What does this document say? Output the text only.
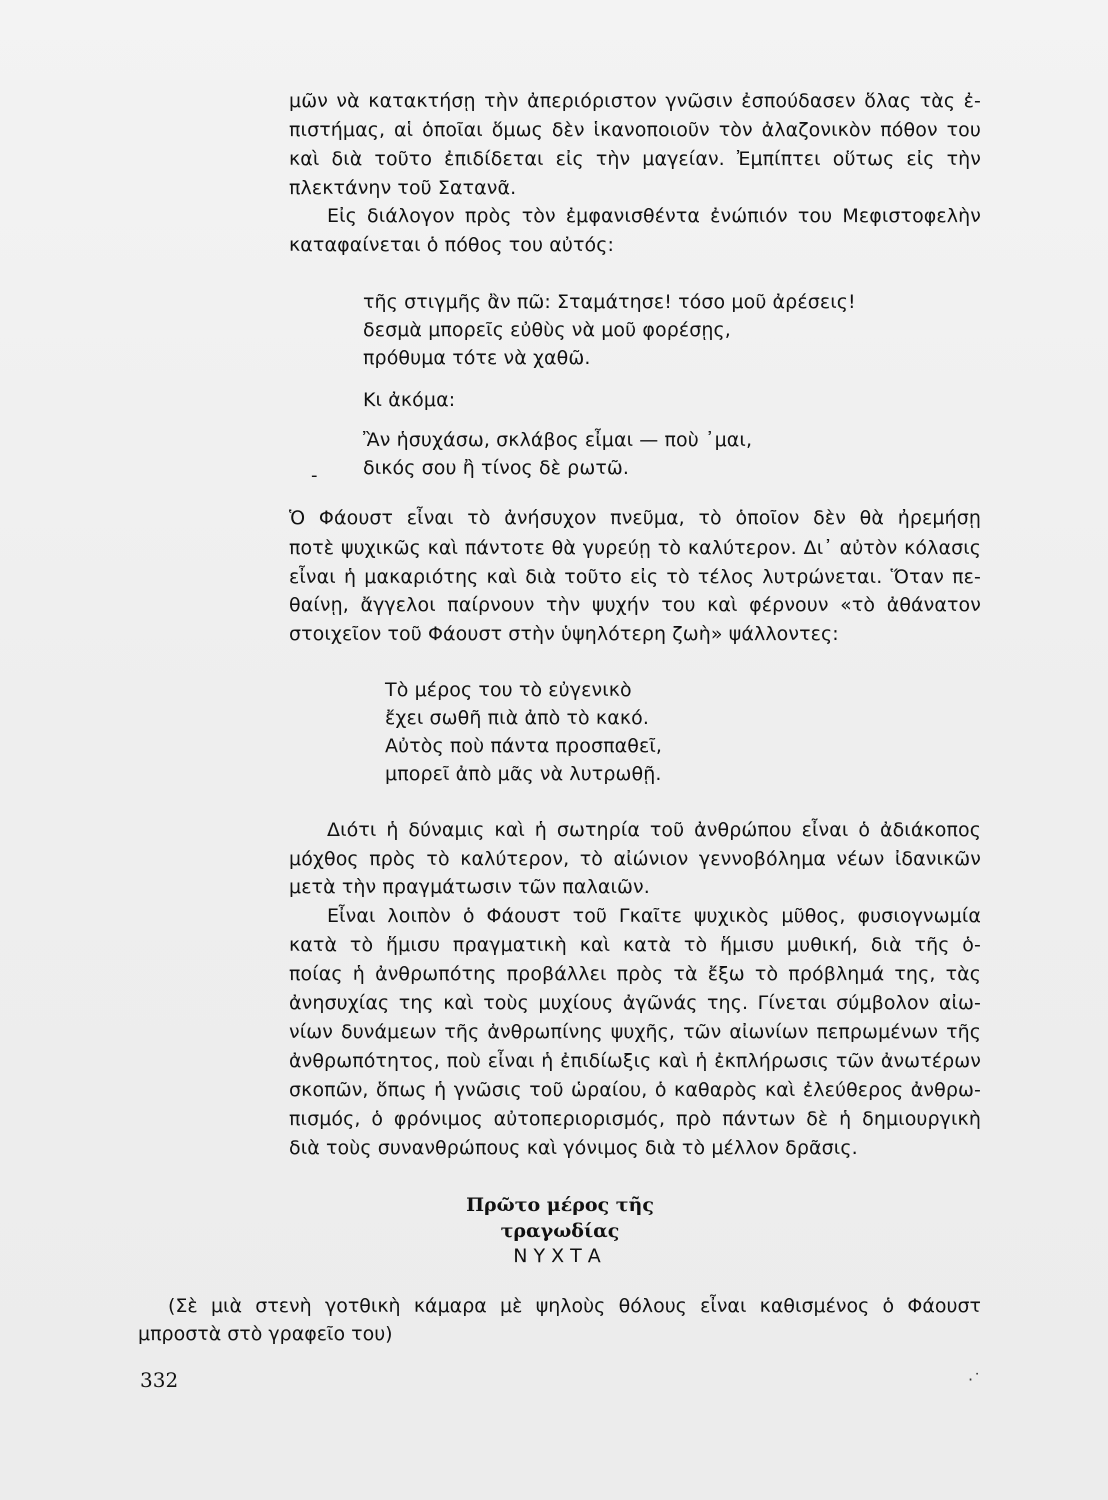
μῶν νὰ κατακτήσῃ τὴν ἀπεριόριστον γνῶσιν ἐσπούδασεν ὅλας τὰς ἐ-
πιστήμας, αἱ ὁποῖαι ὅμως δὲν ἱκανοποιοῦν τὸν ἀλαζονικὸν πόθον του
καὶ διὰ τοῦτο ἐπιδίδεται εἰς τὴν μαγείαν. Ἐμπίπτει οὕτως εἰς τὴν
πλεκτάνην τοῦ Σατανᾶ.
Εἰς διάλογον πρὸς τὸν ἐμφανισθέντα ἐνώπιόν του Μεφιστοφελὴν
καταφαίνεται ὁ πόθος του αὐτός:
τῆς στιγμῆς ἂν πῶ: Σταμάτησε! τόσο μοῦ ἀρέσεις!
δεσμὰ μπορεῖς εὐθὺς νὰ μοῦ φορέσῃς,
πρόθυμα τότε νὰ χαθῶ.
Κι ἀκόμα:
Ἂν ἡσυχάσω, σκλάβος εἶμαι — ποὺ ᾽μαι,
δικός σου ἢ τίνος δὲ ρωτῶ.
-
Ὁ Φάουστ εἶναι τὸ ἀνήσυχον πνεῦμα, τὸ ὁποῖον δὲν θὰ ἠρεμήσῃ
ποτὲ ψυχικῶς καὶ πάντοτε θὰ γυρεύῃ τὸ καλύτερον. Δι᾽ αὐτὸν κόλασις
εἶναι ἡ μακαριότης καὶ διὰ τοῦτο εἰς τὸ τέλος λυτρώνεται. Ὅταν πε-
θαίνῃ, ἄγγελοι παίρνουν τὴν ψυχήν του καὶ φέρνουν «τὸ ἀθάνατον
στοιχεῖον τοῦ Φάουστ στὴν ὑψηλότερη ζωὴ» ψάλλοντες:
Τὸ μέρος του τὸ εὐγενικὸ
ἔχει σωθῆ πιὰ ἀπὸ τὸ κακό.
Αὐτὸς ποὺ πάντα προσπαθεῖ,
μπορεῖ ἀπὸ μᾶς νὰ λυτρωθῇ.
Διότι ἡ δύναμις καὶ ἡ σωτηρία τοῦ ἀνθρώπου εἶναι ὁ ἀδιάκοπος
μόχθος πρὸς τὸ καλύτερον, τὸ αἰώνιον γεννοβόλημα νέων ἰδανικῶν
μετὰ τὴν πραγμάτωσιν τῶν παλαιῶν.
Εἶναι λοιπὸν ὁ Φάουστ τοῦ Γκαῖτε ψυχικὸς μῦθος, φυσιογνωμία
κατὰ τὸ ἥμισυ πραγματικὴ καὶ κατὰ τὸ ἥμισυ μυθική, διὰ τῆς ὁ-
ποίας ἡ ἀνθρωπότης προβάλλει πρὸς τὰ ἔξω τὸ πρόβλημά της, τὰς
ἀνησυχίας της καὶ τοὺς μυχίους ἀγῶνάς της. Γίνεται σύμβολον αἰω-
νίων δυνάμεων τῆς ἀνθρωπίνης ψυχῆς, τῶν αἰωνίων πεπρωμένων τῆς
ἀνθρωπότητος, ποὺ εἶναι ἡ ἐπιδίωξις καὶ ἡ ἐκπλήρωσις τῶν ἀνωτέρων
σκοπῶν, ὅπως ἡ γνῶσις τοῦ ὡραίου, ὁ καθαρὸς καὶ ἐλεύθερος ἀνθρω-
πισμός, ὁ φρόνιμος αὐτοπεριορισμός, πρὸ πάντων δὲ ἡ δημιουργικὴ
διὰ τοὺς συνανθρώπους καὶ γόνιμος διὰ τὸ μέλλον δρᾶσις.
Πρῶτο μέρος τῆς τραγωδίας
ΝΥΧΤΑ
(Σὲ μιὰ στενὴ γοτθικὴ κάμαρα μὲ ψηλοὺς θόλους εἶναι καθισμένος ὁ Φάουστ
μπροστὰ στὸ γραφεῖο του)
332	·˙
